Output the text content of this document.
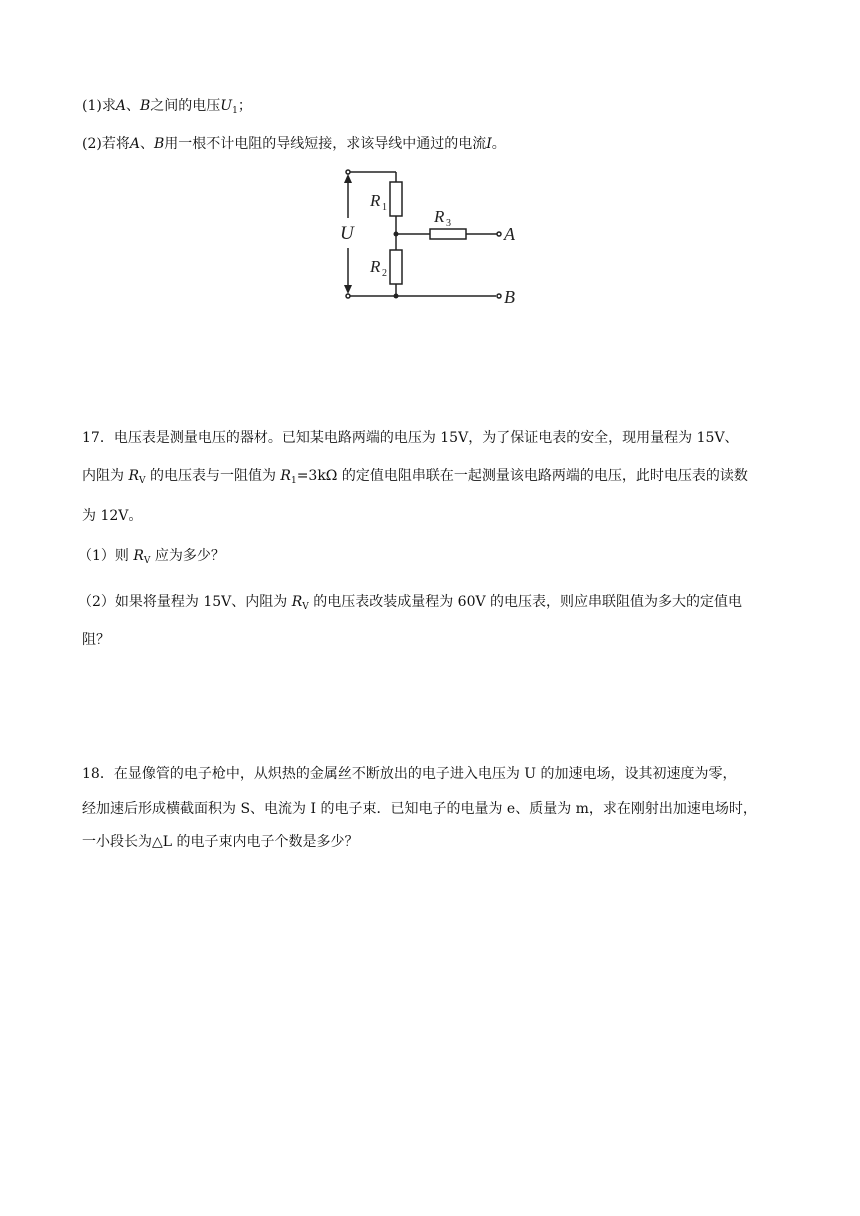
(1)求A、B之间的电压$U_1$；
(2)若将A、B用一根不计电阻的导线短接，求该导线中通过的电流I。
U
R 1
R 2
R 3
A
B
17．电压表是测量电压的器材。已知某电路两端的电压为 15V，为了保证电表的安全，现用量程为 15V、
内阻为 $R_V$ 的电压表与一阻值为 $R_1=3k\Omega$ 的定值电阻串联在一起测量该电路两端的电压，此时电压表的读数
为 12V。
（1）则 $R_V$ 应为多少？
（2）如果将量程为 15V、内阻为 $R_V$ 的电压表改装成量程为 60V 的电压表，则应串联阻值为多大的定值电
阻？
18．在显像管的电子枪中，从炽热的金属丝不断放出的电子进入电压为 U 的加速电场，设其初速度为零，
经加速后形成横截面积为 S、电流为 I 的电子束．已知电子的电量为 e、质量为 m，求在刚射出加速电场时，
一小段长为△L 的电子束内电子个数是多少？
